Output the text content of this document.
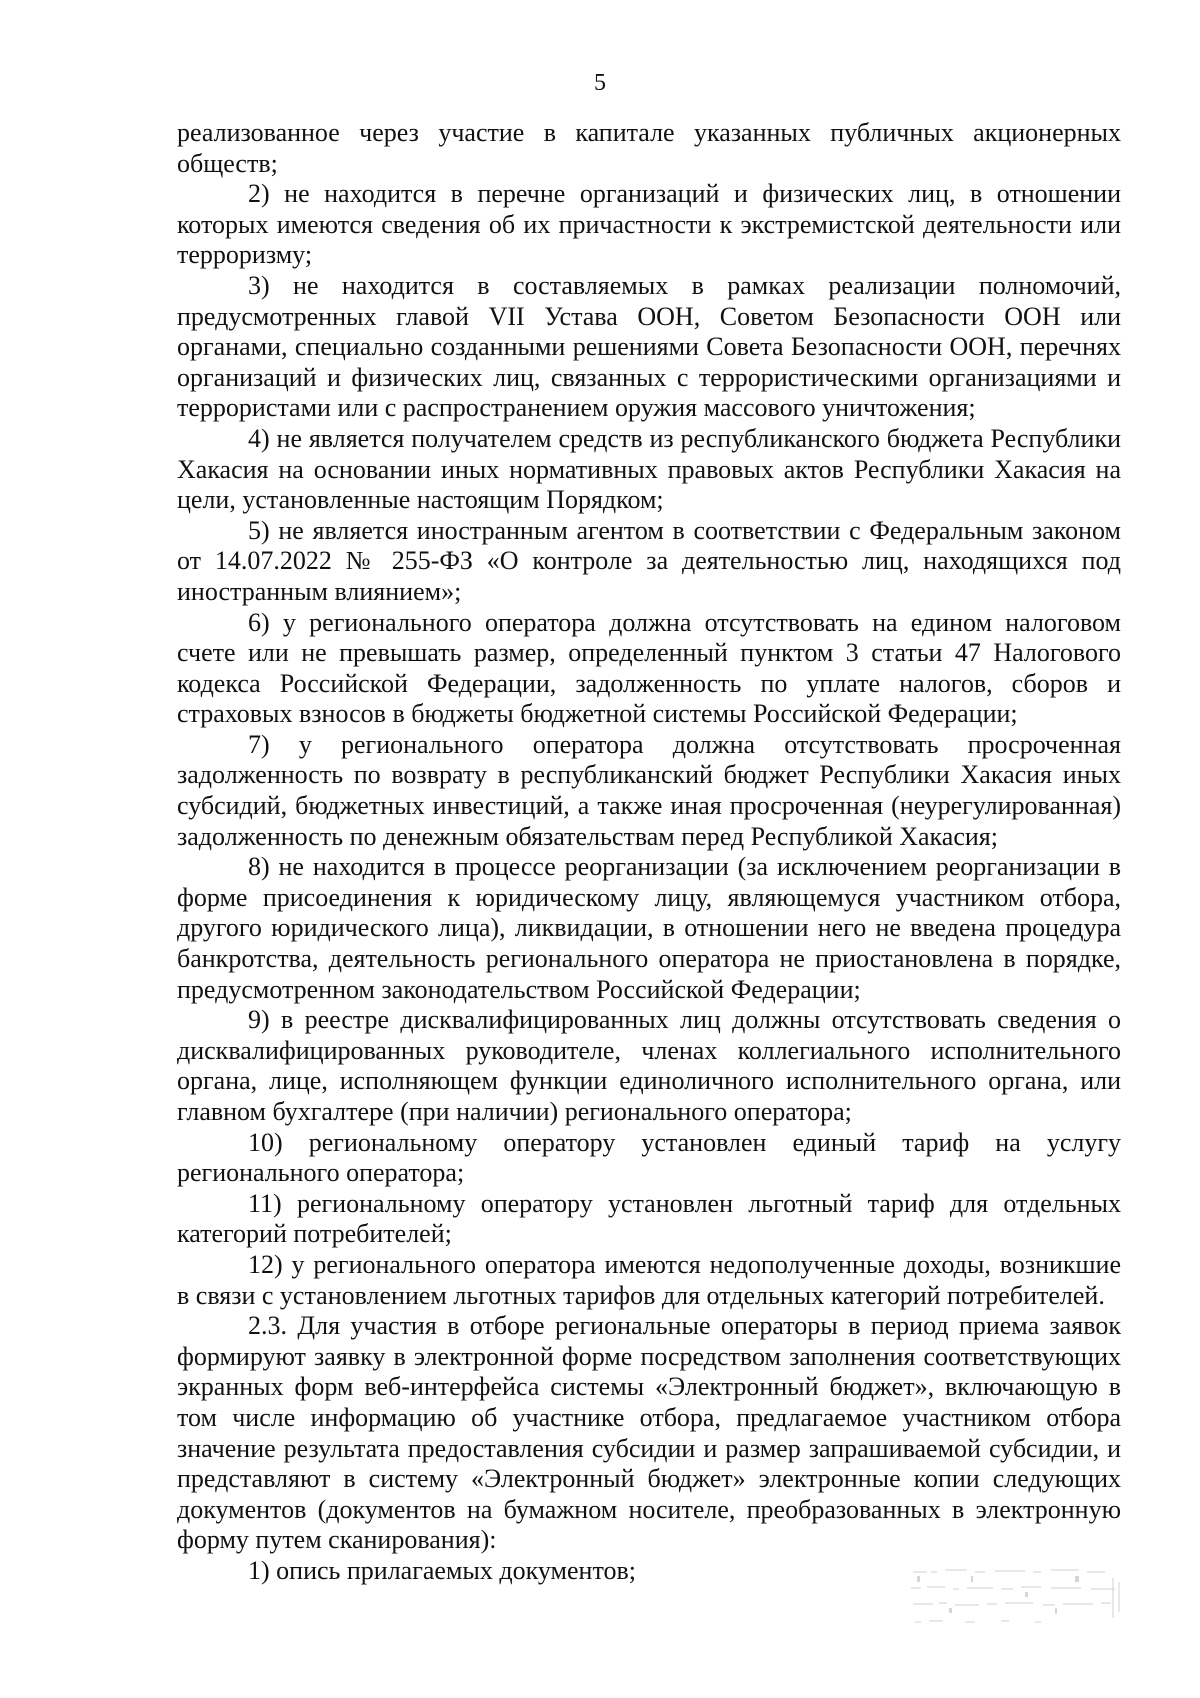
5

реализованное через участие в капитале указанных публичных акционерных обществ;

2) не находится в перечне организаций и физических лиц, в отношении которых имеются сведения об их причастности к экстремистской деятельности или терроризму;

3) не находится в составляемых в рамках реализации полномочий, предусмотренных главой VII Устава ООН, Советом Безопасности ООН или органами, специально созданными решениями Совета Безопасности ООН, перечнях организаций и физических лиц, связанных с террористическими организациями и террористами или с распространением оружия массового уничтожения;

4) не является получателем средств из республиканского бюджета Республики Хакасия на основании иных нормативных правовых актов Республики Хакасия на цели, установленные настоящим Порядком;

5) не является иностранным агентом в соответствии с Федеральным законом от 14.07.2022 № 255-ФЗ «О контроле за деятельностью лиц, находящихся под иностранным влиянием»;

6) у регионального оператора должна отсутствовать на едином налоговом счете или не превышать размер, определенный пунктом 3 статьи 47 Налогового кодекса Российской Федерации, задолженность по уплате налогов, сборов и страховых взносов в бюджеты бюджетной системы Российской Федерации;

7) у регионального оператора должна отсутствовать просроченная задолженность по возврату в республиканский бюджет Республики Хакасия иных субсидий, бюджетных инвестиций, а также иная просроченная (неурегулированная) задолженность по денежным обязательствам перед Республикой Хакасия;

8) не находится в процессе реорганизации (за исключением реорганизации в форме присоединения к юридическому лицу, являющемуся участником отбора, другого юридического лица), ликвидации, в отношении него не введена процедура банкротства, деятельность регионального оператора не приостановлена в порядке, предусмотренном законодательством Российской Федерации;

9) в реестре дисквалифицированных лиц должны отсутствовать сведения о дисквалифицированных руководителе, членах коллегиального исполнительного органа, лице, исполняющем функции единоличного исполнительного органа, или главном бухгалтере (при наличии) регионального оператора;

10) региональному оператору установлен единый тариф на услугу регионального оператора;

11) региональному оператору установлен льготный тариф для отдельных категорий потребителей;

12) у регионального оператора имеются недополученные доходы, возникшие в связи с установлением льготных тарифов для отдельных категорий потребителей.

2.3. Для участия в отборе региональные операторы в период приема заявок формируют заявку в электронной форме посредством заполнения соответствующих экранных форм веб-интерфейса системы «Электронный бюджет», включающую в том числе информацию об участнике отбора, предлагаемое участником отбора значение результата предоставления субсидии и размер запрашиваемой субсидии, и представляют в систему «Электронный бюджет» электронные копии следующих документов (документов на бумажном носителе, преобразованных в электронную форму путем сканирования):

1) опись прилагаемых документов;
